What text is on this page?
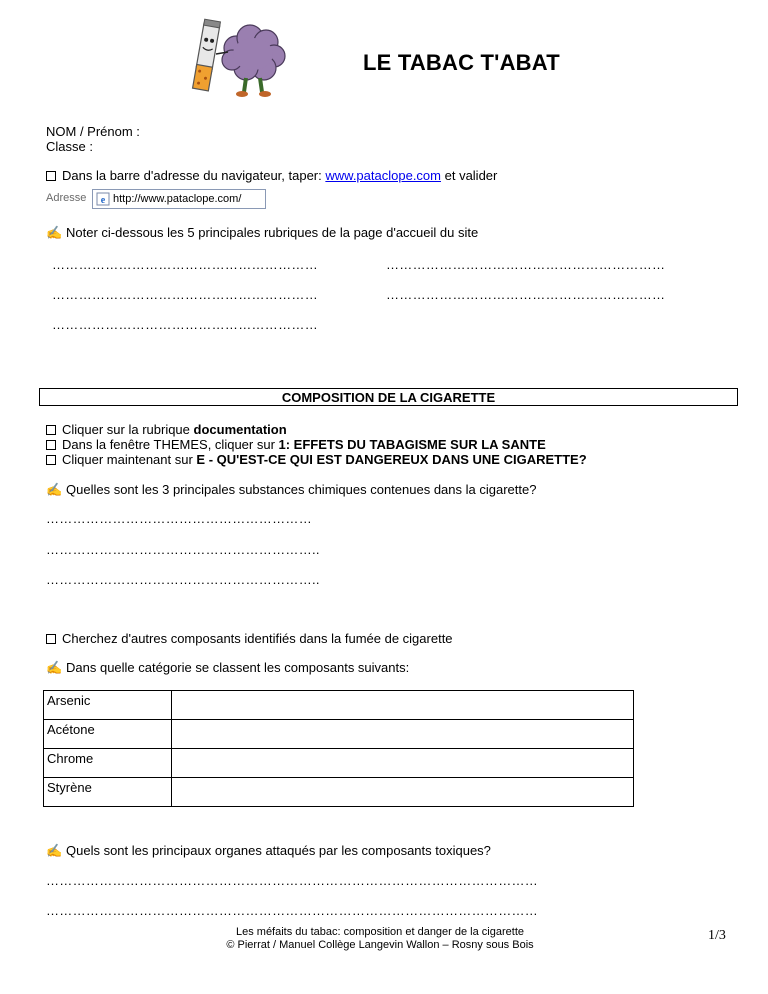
LE TABAC T'ABAT
NOM / Prénom :
Classe :
Dans la barre d'adresse du navigateur, taper: www.pataclope.com et valider
Adresse e http://www.pataclope.com/
✍ Noter ci-dessous les 5 principales rubriques de la page d'accueil du site
……………………………………………………	………………………………………………………
……………………………………………………	………………………………………………………
……………………………………………………
COMPOSITION DE LA CIGARETTE
Cliquer sur la rubrique documentation
Dans la fenêtre THEMES, cliquer sur 1: EFFETS DU TABAGISME SUR LA SANTE
Cliquer maintenant sur E - QU'EST-CE QUI EST DANGEREUX DANS UNE CIGARETTE?
✍ Quelles sont les 3 principales substances chimiques contenues dans la cigarette?
……………………………………………………
……………………………………………………..
……………………………………………………..
Cherchez d'autres composants identifiés dans la fumée de cigarette
✍ Dans quelle catégorie se classent les composants suivants:
Arsenic	
Acétone	
Chrome	
Styrène	
✍ Quels sont les principaux organes attaqués par les composants toxiques?
…………………………………………………………………………………………………
…………………………………………………………………………………………………
Les méfaits du tabac: composition et danger de la cigarette
© Pierrat / Manuel Collège Langevin Wallon – Rosny sous Bois
1/3
